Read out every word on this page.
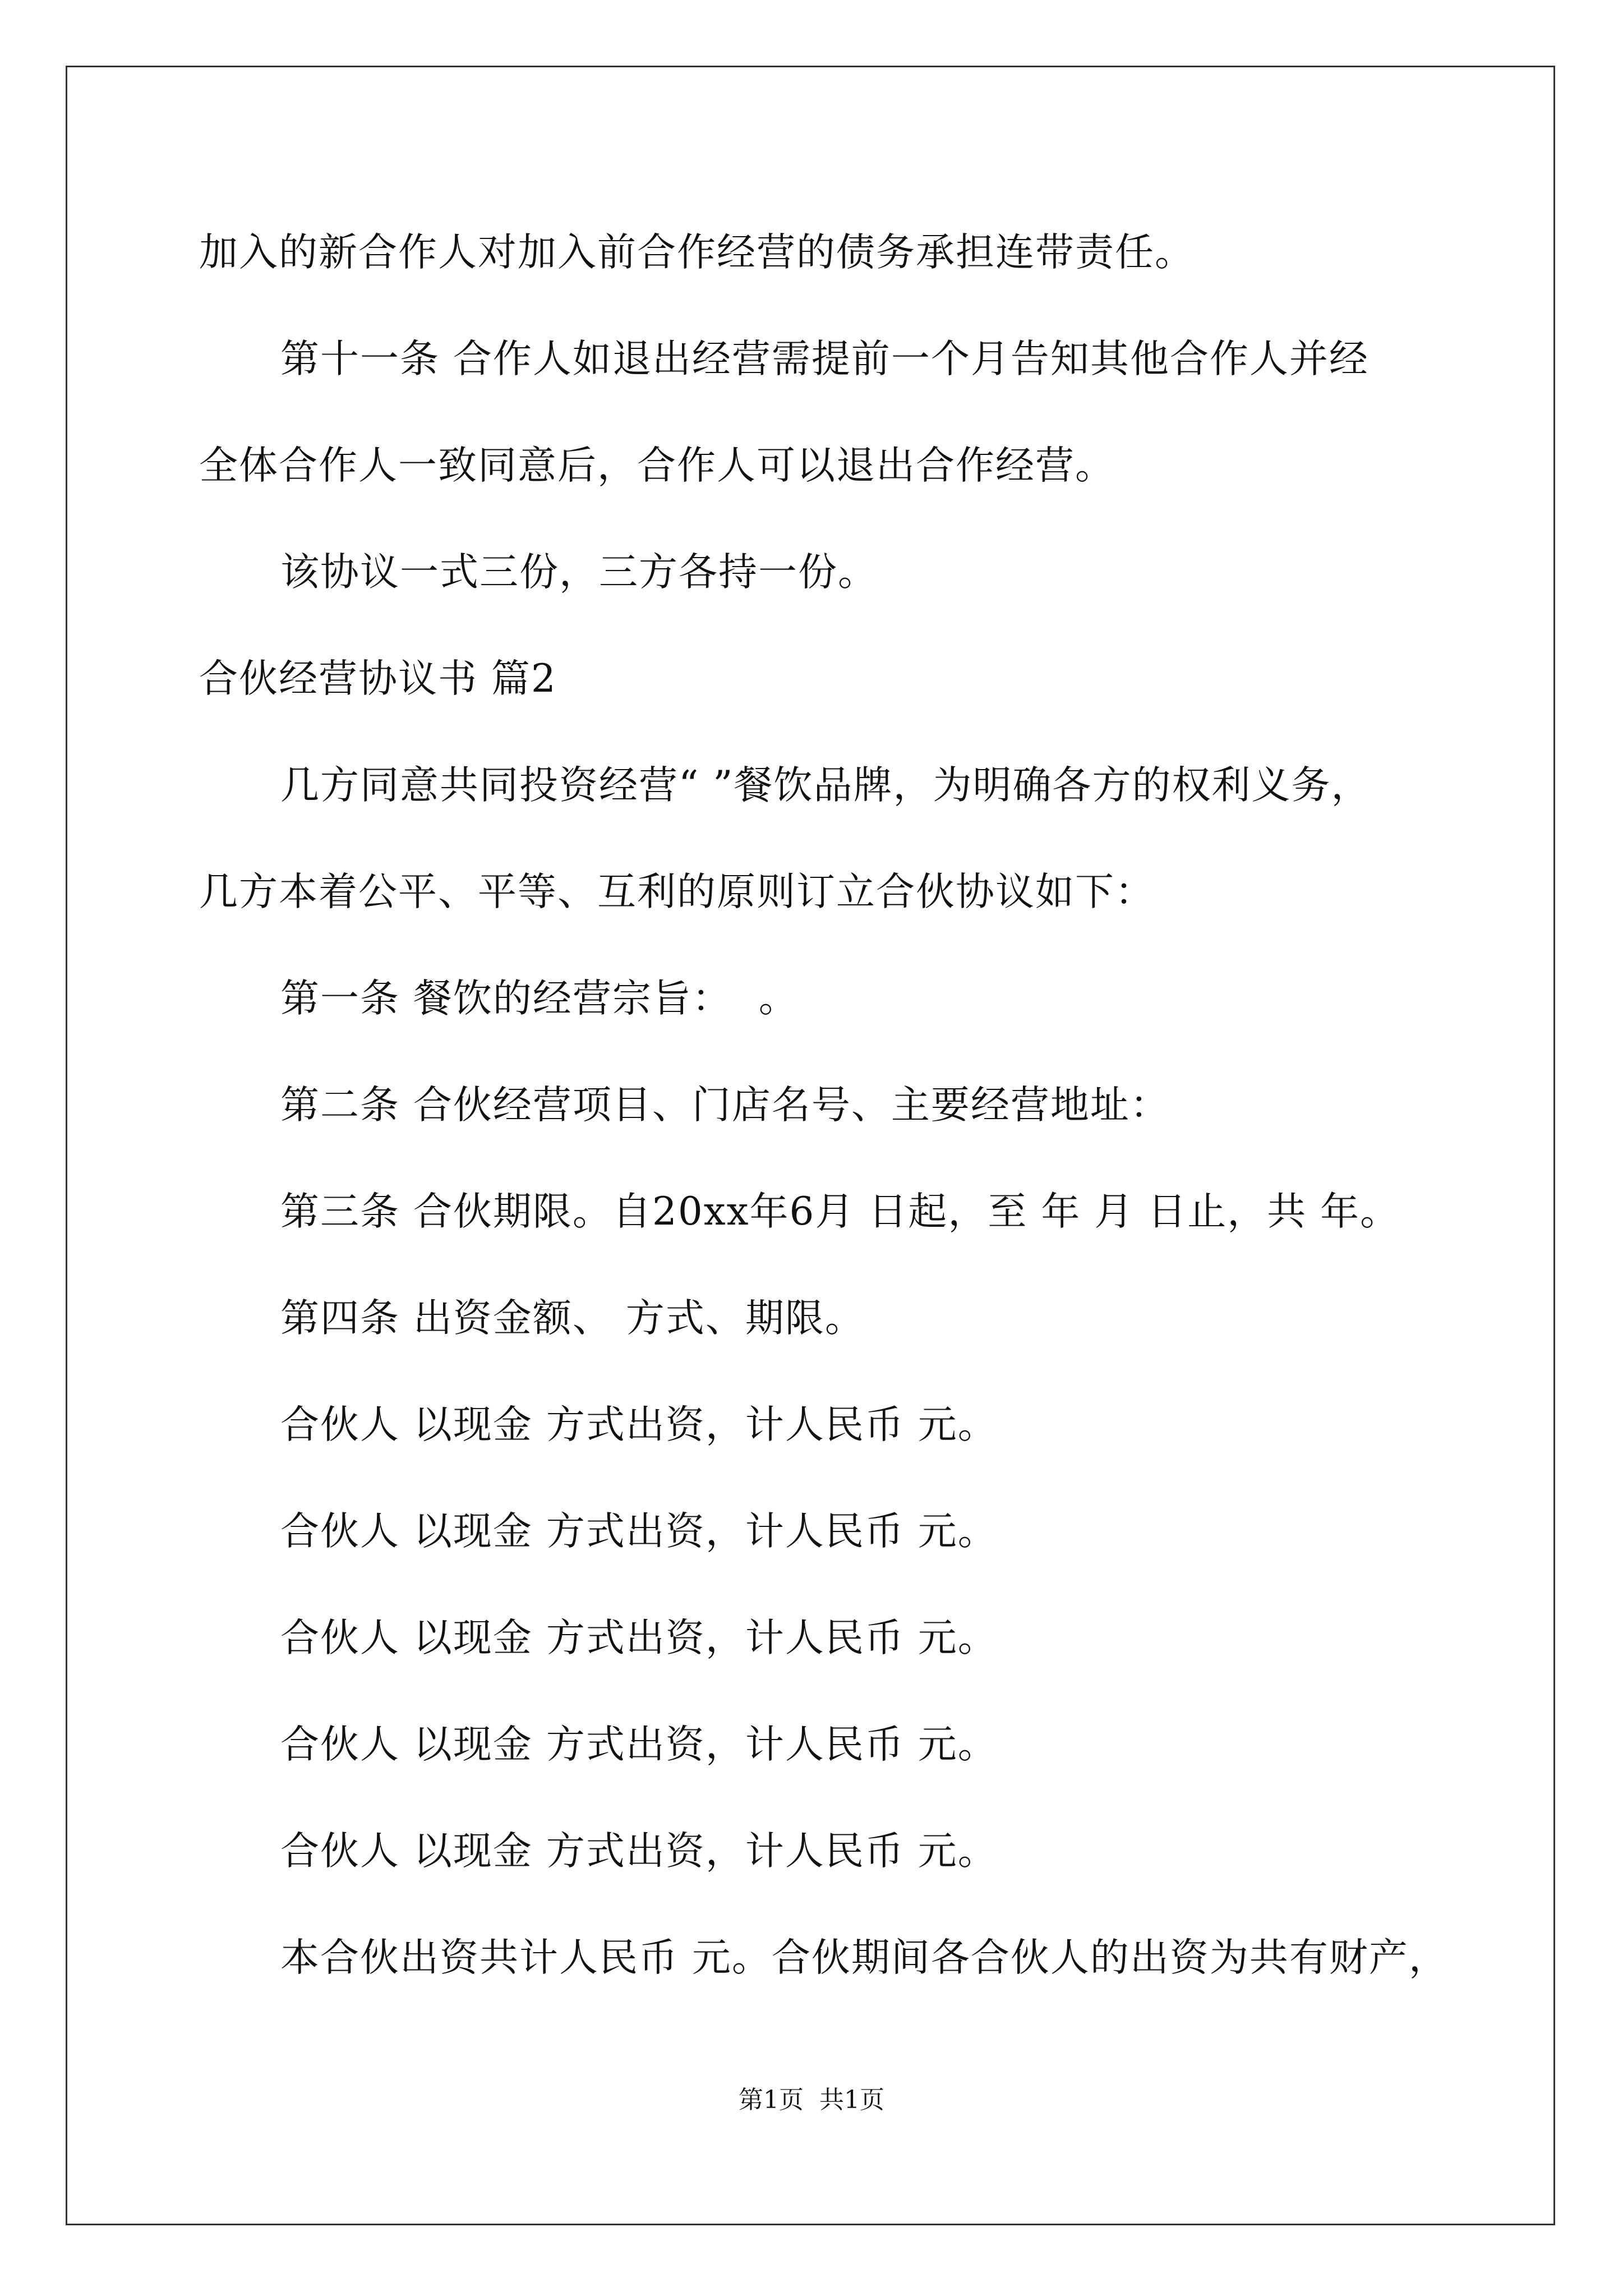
加入的新合作人对加入前合作经营的债务承担连带责任。
第十一条 合作人如退出经营需提前一个月告知其他合作人并经
全体合作人一致同意后，合作人可以退出合作经营。
该协议一式三份，三方各持一份。
合伙经营协议书 篇2
几方同意共同投资经营“ ”餐饮品牌，为明确各方的权利义务，
几方本着公平、平等、互利的原则订立合伙协议如下：
第一条 餐饮的经营宗旨：  。
第二条 合伙经营项目、门店名号、主要经营地址：
第三条 合伙期限。自20xx年6月 日起，至 年 月 日止，共 年。
第四条 出资金额、 方式、期限。
合伙人 以现金 方式出资，计人民币 元。
合伙人 以现金 方式出资，计人民币 元。
合伙人 以现金 方式出资，计人民币 元。
合伙人 以现金 方式出资，计人民币 元。
合伙人 以现金 方式出资，计人民币 元。
本合伙出资共计人民币 元。合伙期间各合伙人的出资为共有财产，
第1页  共1页
